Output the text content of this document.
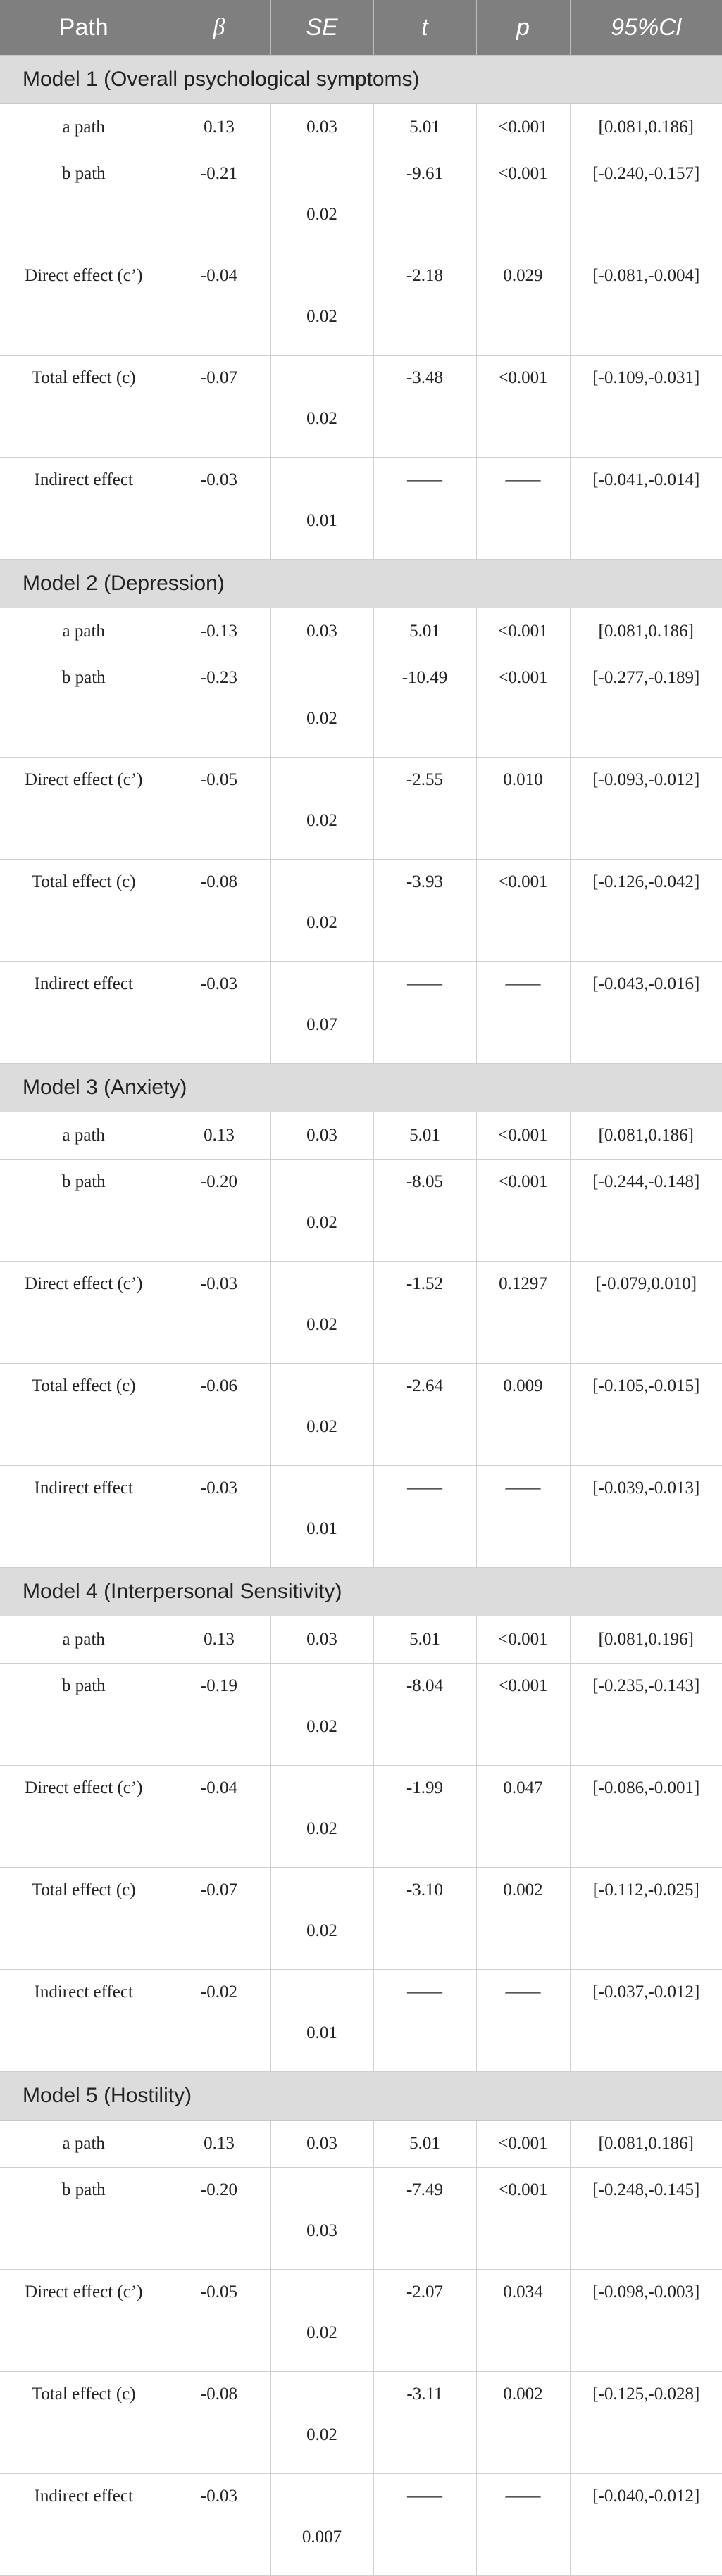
Path	β	SE	t	p	95%Cl
Model 1 (Overall psychological symptoms)					
a path	0.13	0.03	5.01	<0.001	[0.081,0.186]
b path	-0.21	0.02	-9.61	<0.001	[-0.240,-0.157]
Direct effect (c’)	-0.04	0.02	-2.18	0.029	[-0.081,-0.004]
Total effect (c)	-0.07	0.02	-3.48	<0.001	[-0.109,-0.031]
Indirect effect	-0.03	0.01	——	——	[-0.041,-0.014]
Model 2 (Depression)					
a path	-0.13	0.03	5.01	<0.001	[0.081,0.186]
b path	-0.23	0.02	-10.49	<0.001	[-0.277,-0.189]
Direct effect (c’)	-0.05	0.02	-2.55	0.010	[-0.093,-0.012]
Total effect (c)	-0.08	0.02	-3.93	<0.001	[-0.126,-0.042]
Indirect effect	-0.03	0.07	——	——	[-0.043,-0.016]
Model 3 (Anxiety)					
a path	0.13	0.03	5.01	<0.001	[0.081,0.186]
b path	-0.20	0.02	-8.05	<0.001	[-0.244,-0.148]
Direct effect (c’)	-0.03	0.02	-1.52	0.1297	[-0.079,0.010]
Total effect (c)	-0.06	0.02	-2.64	0.009	[-0.105,-0.015]
Indirect effect	-0.03	0.01	——	——	[-0.039,-0.013]
Model 4 (Interpersonal Sensitivity)					
a path	0.13	0.03	5.01	<0.001	[0.081,0.196]
b path	-0.19	0.02	-8.04	<0.001	[-0.235,-0.143]
Direct effect (c’)	-0.04	0.02	-1.99	0.047	[-0.086,-0.001]
Total effect (c)	-0.07	0.02	-3.10	0.002	[-0.112,-0.025]
Indirect effect	-0.02	0.01	——	——	[-0.037,-0.012]
Model 5 (Hostility)					
a path	0.13	0.03	5.01	<0.001	[0.081,0.186]
b path	-0.20	0.03	-7.49	<0.001	[-0.248,-0.145]
Direct effect (c’)	-0.05	0.02	-2.07	0.034	[-0.098,-0.003]
Total effect (c)	-0.08	0.02	-3.11	0.002	[-0.125,-0.028]
Indirect effect	-0.03	0.007	——	——	[-0.040,-0.012]
